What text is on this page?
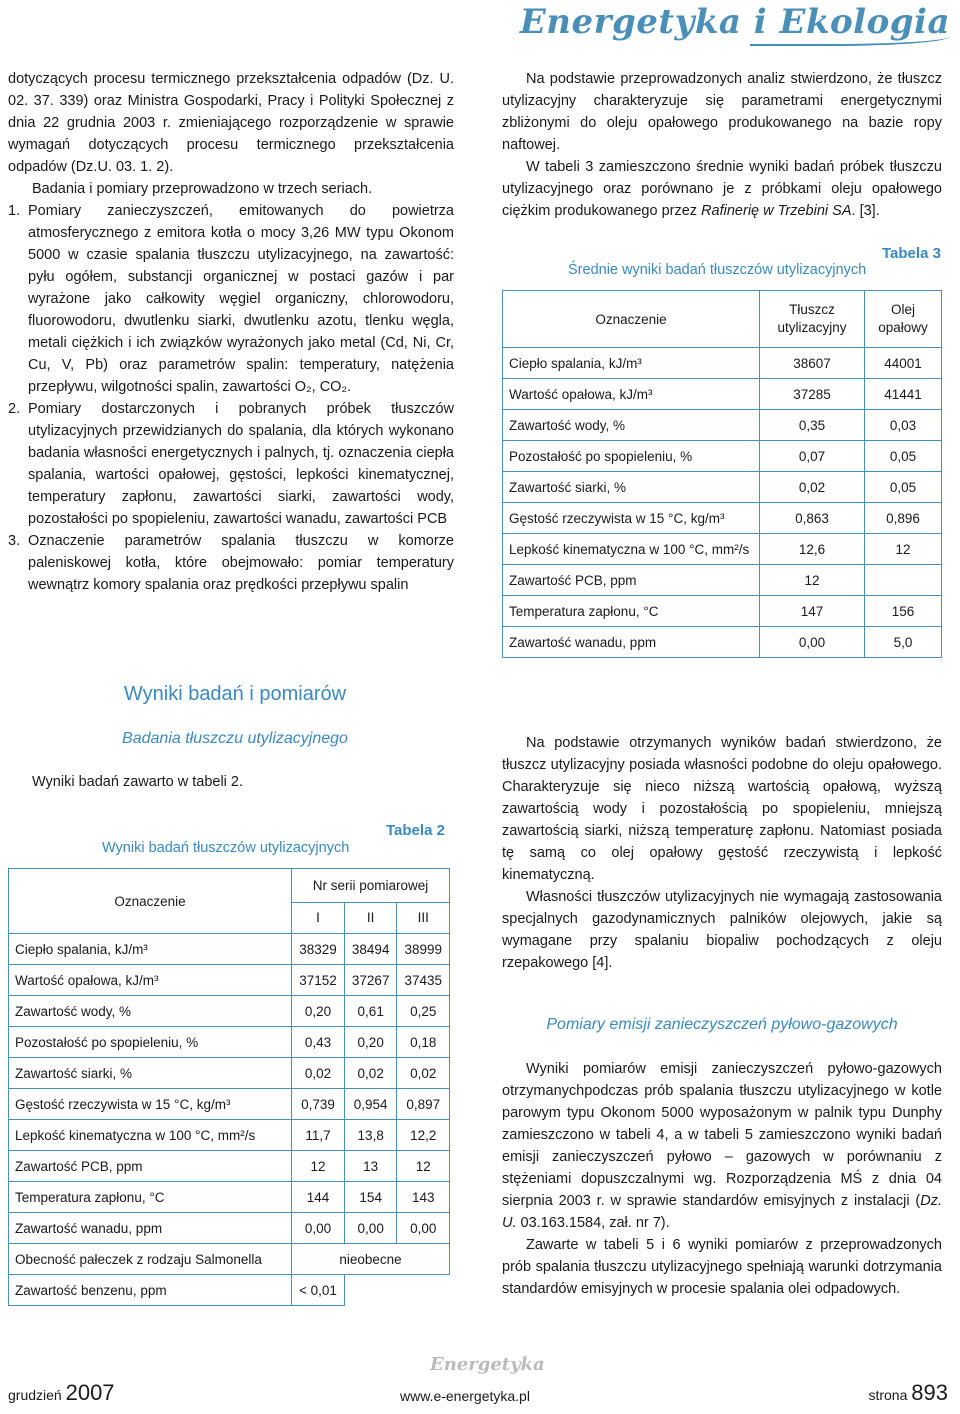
Energetyka i Ekologia

dotyczących procesu termicznego przekształcenia odpadów (Dz. U. 02. 37. 339) oraz Ministra Gospodarki, Pracy i Polityki Społecznej z dnia 22 grudnia 2003 r. zmieniającego rozporządzenie w sprawie wymagań dotyczących procesu termicznego przekształcenia odpadów (Dz.U. 03. 1. 2).

Badania i pomiary przeprowadzono w trzech seriach.

1. Pomiary zanieczyszczeń, emitowanych do powietrza atmosferycznego z emitora kotła o mocy 3,26 MW typu Okonom 5000 w czasie spalania tłuszczu utylizacyjnego, na zawartość: pyłu ogółem, substancji organicznej w postaci gazów i par wyrażone jako całkowity węgiel organiczny, chlorowodoru, fluorowodoru, dwutlenku siarki, dwutlenku azotu, tlenku węgla, metali ciężkich i ich związków wyrażonych jako metal (Cd, Ni, Cr, Cu, V, Pb) oraz parametrów spalin: temperatury, natężenia przepływu, wilgotności spalin, zawartości O₂, CO₂.
2. Pomiary dostarczonych i pobranych próbek tłuszczów utylizacyjnych przewidzianych do spalania, dla których wykonano badania własności energetycznych i palnych, tj. oznaczenia ciepła spalania, wartości opałowej, gęstości, lepkości kinematycznej, temperatury zapłonu, zawartości siarki, zawartości wody, pozostałości po spopieleniu, zawartości wanadu, zawartości PCB
3. Oznaczenie parametrów spalania tłuszczu w komorze paleniskowej kotła, które obejmowało: pomiar temperatury wewnątrz komory spalania oraz prędkości przepływu spalin
Wyniki badań i pomiarów
Badania tłuszczu utylizacyjnego
Wyniki badań zawarto w tabeli 2.
Tabela 2
Wyniki badań tłuszczów utylizacyjnych
Oznaczenie	Nr serii pomiarowej		
	I	II	III
Ciepło spalania, kJ/m³	38329	38494	38999
Wartość opałowa, kJ/m³	37152	37267	37435
Zawartość wody, %	0,20	0,61	0,25
Pozostałość po spopieleniu, %	0,43	0,20	0,18
Zawartość siarki, %	0,02	0,02	0,02
Gęstość rzeczywista w 15 °C, kg/m³	0,739	0,954	0,897
Lepkość kinematyczna w 100 °C, mm²/s	11,7	13,8	12,2
Zawartość PCB, ppm	12	13	12
Temperatura zapłonu, °C	144	154	143
Zawartość wanadu, ppm	0,00	0,00	0,00
Obecność pałeczek z rodzaju Salmonella	nieobecne		
Zawartość benzenu, ppm	< 0,01		

Na podstawie przeprowadzonych analiz stwierdzono, że tłuszcz utylizacyjny charakteryzuje się parametrami energetycznymi zbliżonymi do oleju opałowego produkowanego na bazie ropy naftowej.

W tabeli 3 zamieszczono średnie wyniki badań próbek tłuszczu utylizacyjnego oraz porównano je z próbkami oleju opałowego ciężkim produkowanego przez Rafinerię w Trzebini SA. [3].

Tabela 3
Średnie wyniki badań tłuszczów utylizacyjnych
Oznaczenie	Tłuszcz utylizacyjny	Olej opałowy
Ciepło spalania, kJ/m³	38607	44001
Wartość opałowa, kJ/m³	37285	41441
Zawartość wody, %	0,35	0,03
Pozostałość po spopieleniu, %	0,07	0,05
Zawartość siarki, %	0,02	0,05
Gęstość rzeczywista w 15 °C, kg/m³	0,863	0,896
Lepkość kinematyczna w 100 °C, mm²/s	12,6	12
Zawartość PCB, ppm	12	
Temperatura zapłonu, °C	147	156
Zawartość wanadu, ppm	0,00	5,0

Na podstawie otrzymanych wyników badań stwierdzono, że tłuszcz utylizacyjny posiada własności podobne do oleju opałowego. Charakteryzuje się nieco niższą wartością opałową, wyższą zawartością wody i pozostałością po spopieleniu, mniejszą zawartością siarki, niższą temperaturę zapłonu. Natomiast posiada tę samą co olej opałowy gęstość rzeczywistą i lepkość kinematyczną.

Własności tłuszczów utylizacyjnych nie wymagają zastosowania specjalnych gazodynamicznych palników olejowych, jakie są wymagane przy spalaniu biopaliw pochodzących z oleju rzepakowego [4].

Pomiary emisji zanieczyszczeń pyłowo-gazowych

Wyniki pomiarów emisji zanieczyszczeń pyłowo-gazowych otrzymanychpodczas prób spalania tłuszczu utylizacyjnego w kotle parowym typu Okonom 5000 wyposażonym w palnik typu Dunphy zamieszczono w tabeli 4, a w tabeli 5 zamieszczono wyniki badań emisji zanieczyszczeń pyłowo – gazowych w porównaniu z stężeniami dopuszczalnymi wg. Rozporządzenia MŚ z dnia 04 sierpnia 2003 r. w sprawie standardów emisyjnych z instalacji (Dz. U. 03.163.1584, zał. nr 7).

Zawarte w tabeli 5 i 6 wyniki pomiarów z przeprowadzonych prób spalania tłuszczu utylizacyjnego spełniają warunki dotrzymania standardów emisyjnych w procesie spalania olei odpadowych.

Energetyka
grudzień 2007	www.e-energetyka.pl	strona 893
